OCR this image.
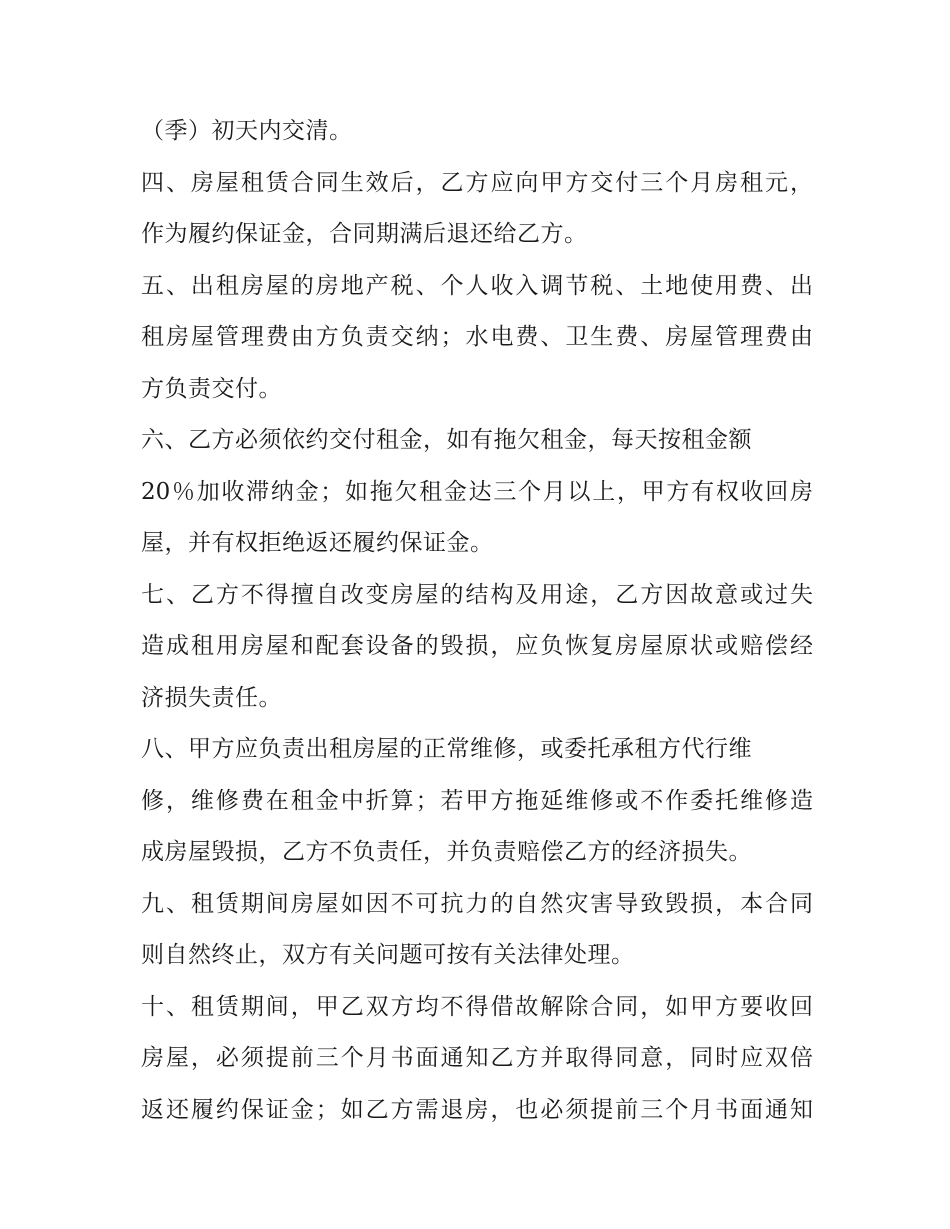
（季）初天内交清。
四、房屋租赁合同生效后，乙方应向甲方交付三个月房租元，
作为履约保证金，合同期满后退还给乙方。
五、出租房屋的房地产税、个人收入调节税、土地使用费、出
租房屋管理费由方负责交纳；水电费、卫生费、房屋管理费由
方负责交付。
六、乙方必须依约交付租金，如有拖欠租金，每天按租金额
20％加收滞纳金；如拖欠租金达三个月以上，甲方有权收回房
屋，并有权拒绝返还履约保证金。
七、乙方不得擅自改变房屋的结构及用途，乙方因故意或过失
造成租用房屋和配套设备的毁损，应负恢复房屋原状或赔偿经
济损失责任。
八、甲方应负责出租房屋的正常维修，或委托承租方代行维
修，维修费在租金中折算；若甲方拖延维修或不作委托维修造
成房屋毁损，乙方不负责任，并负责赔偿乙方的经济损失。
九、租赁期间房屋如因不可抗力的自然灾害导致毁损，本合同
则自然终止，双方有关问题可按有关法律处理。
十、租赁期间，甲乙双方均不得借故解除合同，如甲方要收回
房屋，必须提前三个月书面通知乙方并取得同意，同时应双倍
返还履约保证金；如乙方需退房，也必须提前三个月书面通知
